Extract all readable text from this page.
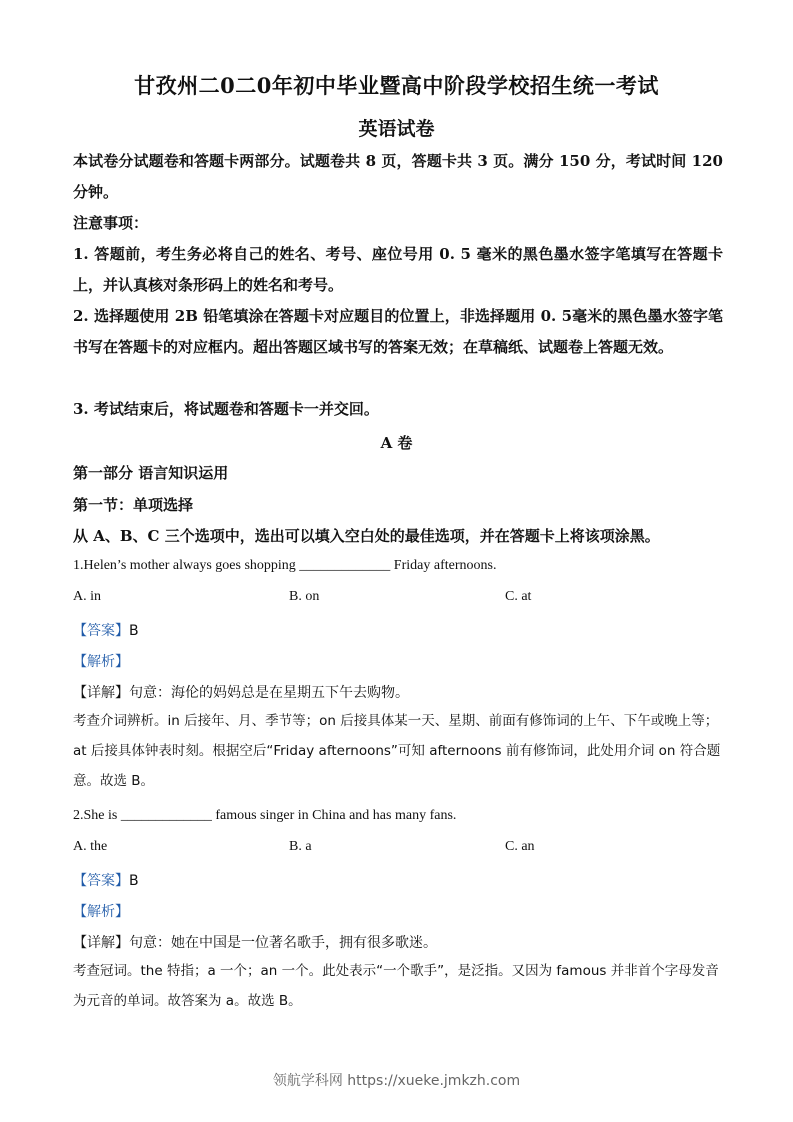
甘孜州二0二0年初中毕业暨高中阶段学校招生统一考试
英语试卷
本试卷分试题卷和答题卡两部分。试题卷共 8 页，答题卡共 3 页。满分 150 分，考试时间 120 分钟。
注意事项：
1. 答题前，考生务必将自己的姓名、考号、座位号用 0. 5 毫米的黑色墨水签字笔填写在答题卡上，并认真核对条形码上的姓名和考号。
2. 选择题使用 2B 铅笔填涂在答题卡对应题目的位置上，非选择题用 0. 5毫米的黑色墨水签字笔书写在答题卡的对应框内。超出答题区域书写的答案无效；在草稿纸、试题卷上答题无效。
3. 考试结束后，将试题卷和答题卡一并交回。
A 卷
第一部分 语言知识运用
第一节：单项选择
从 A、B、C 三个选项中，选出可以填入空白处的最佳选项，并在答题卡上将该项涂黑。
1.Helen’s mother always goes shopping _____________ Friday afternoons.
A. in	B. on	C. at
【答案】B
【解析】
【详解】句意：海伦的妈妈总是在星期五下午去购物。
考查介词辨析。in 后接年、月、季节等；on 后接具体某一天、星期、前面有修饰词的上午、下午或晚上等；at 后接具体钟表时刻。根据空后“Friday afternoons”可知 afternoons 前有修饰词，此处用介词 on 符合题意。故选 B。
2.She is _____________ famous singer in China and has many fans.
A. the	B. a	C. an
【答案】B
【解析】
【详解】句意：她在中国是一位著名歌手，拥有很多歌迷。
考查冠词。the 特指；a 一个；an 一个。此处表示“一个歌手”，是泛指。又因为 famous 并非首个字母发音为元音的单词。故答案为 a。故选 B。
领航学科网 https://xueke.jmkzh.com
